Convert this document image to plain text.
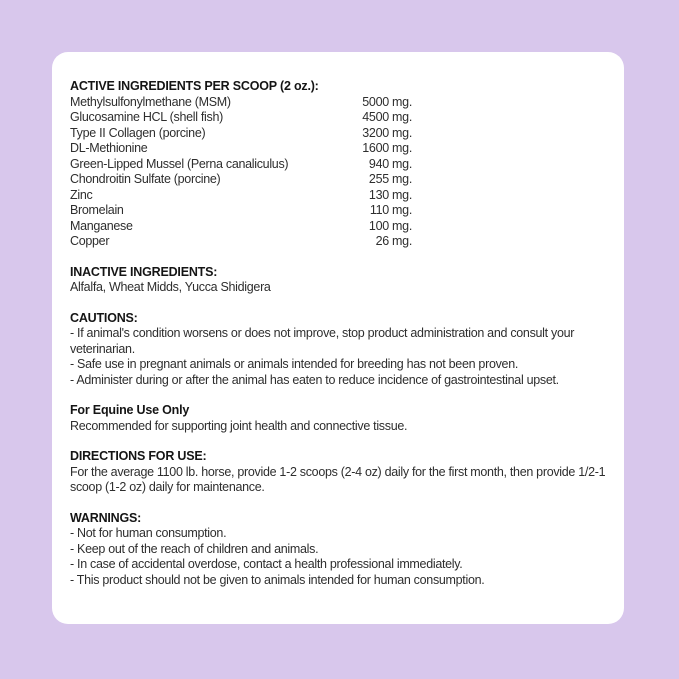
ACTIVE INGREDIENTS PER SCOOP (2 oz.):
Methylsulfonylmethane (MSM)	5000 mg.
Glucosamine HCL (shell fish)	4500 mg.
Type II Collagen (porcine)	3200 mg.
DL-Methionine	1600 mg.
Green-Lipped Mussel (Perna canaliculus)	940 mg.
Chondroitin Sulfate (porcine)	255 mg.
Zinc	130 mg.
Bromelain	110 mg.
Manganese	100 mg.
Copper	26 mg.
INACTIVE INGREDIENTS:

Alfalfa, Wheat Midds, Yucca Shidigera

CAUTIONS:

- If animal's condition worsens or does not improve, stop product administration and consult your veterinarian.

- Safe use in pregnant animals or animals intended for breeding has not been proven.

- Administer during or after the animal has eaten to reduce incidence of gastrointestinal upset.

For Equine Use Only

Recommended for supporting joint health and connective tissue.

DIRECTIONS FOR USE:

For the average 1100 lb. horse, provide 1-2 scoops (2-4 oz) daily for the first month, then provide 1/2-1 scoop (1-2 oz) daily for maintenance.

WARNINGS:

- Not for human consumption.

- Keep out of the reach of children and animals.

- In case of accidental overdose, contact a health professional immediately.

- This product should not be given to animals intended for human consumption.
